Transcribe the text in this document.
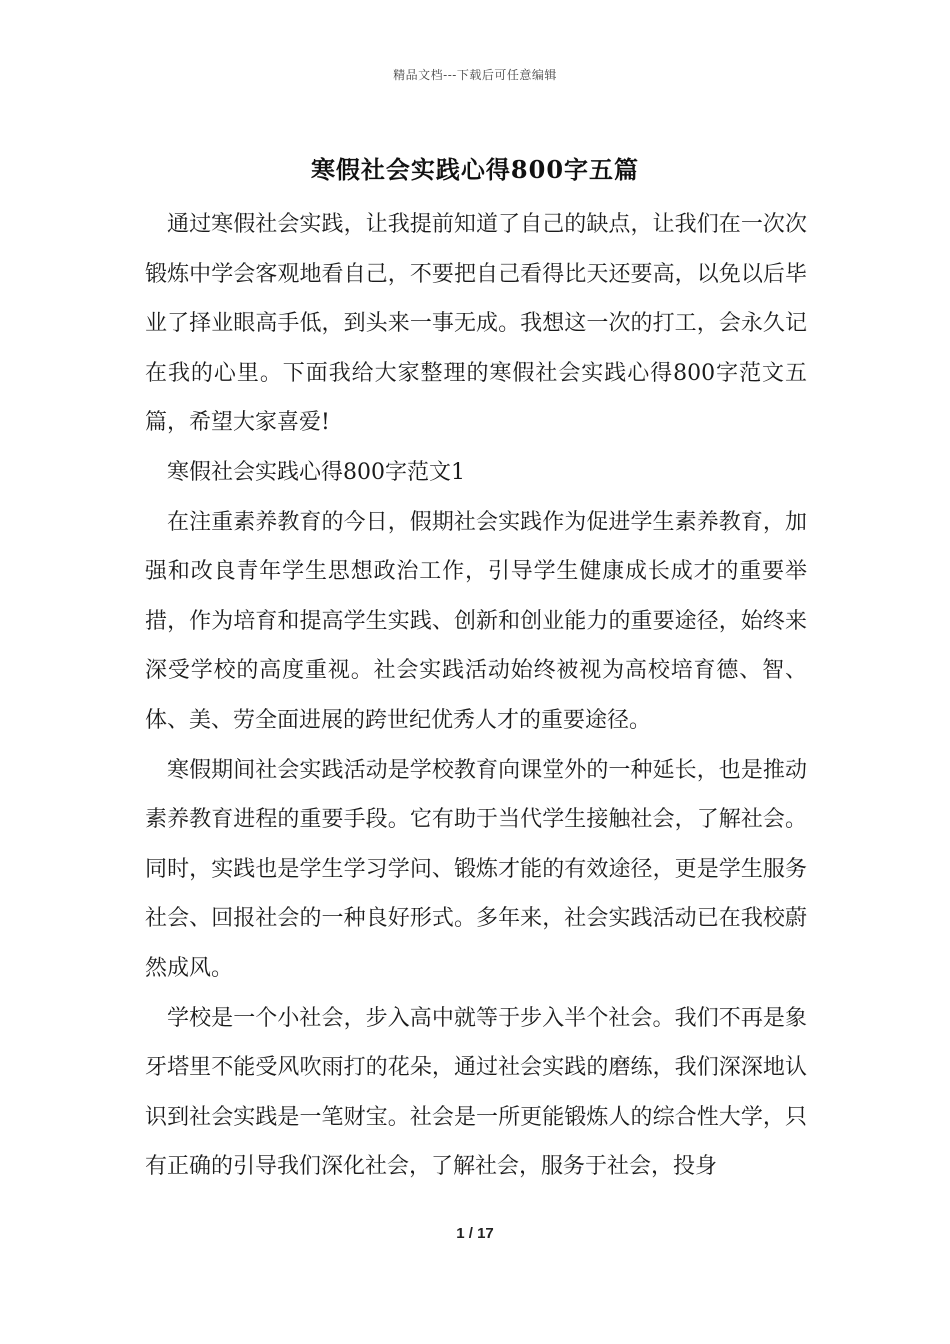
精品文档---下载后可任意编辑
寒假社会实践心得800字五篇

通过寒假社会实践，让我提前知道了自己的缺点，让我们在一次次锻炼中学会客观地看自己，不要把自己看得比天还要高，以免以后毕业了择业眼高手低，到头来一事无成。我想这一次的打工，会永久记在我的心里。下面我给大家整理的寒假社会实践心得800字范文五篇，希望大家喜爱!

寒假社会实践心得800字范文1

在注重素养教育的今日，假期社会实践作为促进学生素养教育，加强和改良青年学生思想政治工作，引导学生健康成长成才的重要举措，作为培育和提高学生实践、创新和创业能力的重要途径，始终来深受学校的高度重视。社会实践活动始终被视为高校培育德、智、体、美、劳全面进展的跨世纪优秀人才的重要途径。

寒假期间社会实践活动是学校教育向课堂外的一种延长，也是推动素养教育进程的重要手段。它有助于当代学生接触社会，了解社会。同时，实践也是学生学习学问、锻炼才能的有效途径，更是学生服务社会、回报社会的一种良好形式。多年来，社会实践活动已在我校蔚然成风。

学校是一个小社会，步入高中就等于步入半个社会。我们不再是象牙塔里不能受风吹雨打的花朵，通过社会实践的磨练，我们深深地认识到社会实践是一笔财宝。社会是一所更能锻炼人的综合性大学，只有正确的引导我们深化社会，了解社会，服务于社会，投身

1 / 17
